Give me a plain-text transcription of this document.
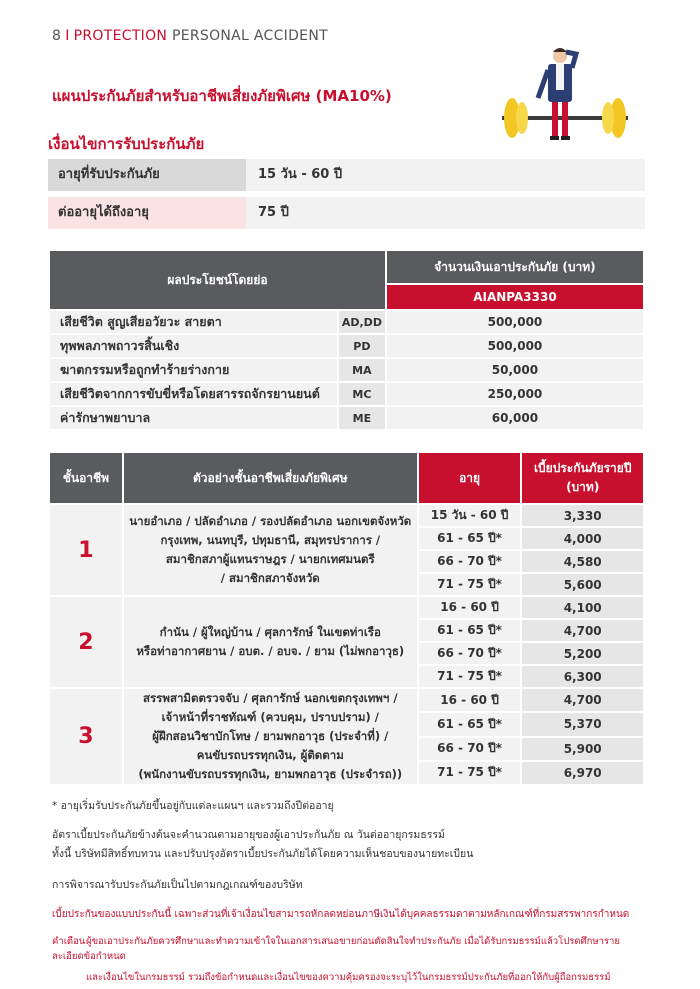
8 I PROTECTION PERSONAL ACCIDENT
แผนประกันภัยสำหรับอาชีพเสี่ยงภัยพิเศษ (MA10%)
เงื่อนไขการรับประกันภัย
อายุที่รับประกันภัย	15 วัน - 60 ปี
ต่ออายุได้ถึงอายุ	75 ปี
ผลประโยชน์โดยย่อ		จำนวนเงินเอาประกันภัย (บาท)
		AIANPA3330
เสียชีวิต สูญเสียอวัยวะ สายตา	AD,DD	500,000
ทุพพลภาพถาวรสิ้นเชิง	PD	500,000
ฆาตกรรมหรือถูกทำร้ายร่างกาย	MA	50,000
เสียชีวิตจากการขับขี่หรือโดยสารรถจักรยานยนต์	MC	250,000
ค่ารักษาพยาบาล	ME	60,000
ชั้นอาชีพ	ตัวอย่างชั้นอาชีพเสี่ยงภัยพิเศษ	อายุ	เบี้ยประกันภัยรายปี
(บาท)
1	นายอำเภอ / ปลัดอำเภอ / รองปลัดอำเภอ นอกเขตจังหวัด
กรุงเทพ, นนทบุรี, ปทุมธานี, สมุทรปราการ /
สมาชิกสภาผู้แทนราษฎร / นายกเทศมนตรี
/ สมาชิกสภาจังหวัด	15 วัน - 60 ปี	3,330
		61 - 65 ปี*	4,000
		66 - 70 ปี*	4,580
		71 - 75 ปี*	5,600
2	กำนัน / ผู้ใหญ่บ้าน / ศุลการักษ์ ในเขตท่าเรือ
หรือท่าอากาศยาน / อบต. / อบจ. / ยาม (ไม่พกอาวุธ)	16 - 60 ปี	4,100
		61 - 65 ปี*	4,700
		66 - 70 ปี*	5,200
		71 - 75 ปี*	6,300
3	สรรพสามิตตรวจจับ / ศุลการักษ์ นอกเขตกรุงเทพฯ /
เจ้าหน้าที่ราชทัณฑ์ (ควบคุม, ปราบปราม) /
ผู้ฝึกสอนวิชาบักโทษ / ยามพกอาวุธ (ประจำที่) /
คนขับรถบรรทุกเงิน, ผู้ติดตาม
(พนักงานขับรถบรรทุกเงิน, ยามพกอาวุธ (ประจำรถ))	16 - 60 ปี	4,700
		61 - 65 ปี*	5,370
		66 - 70 ปี*	5,900
		71 - 75 ปี*	6,970
* อายุเริ่มรับประกันภัยขึ้นอยู่กับแต่ละแผนฯ และรวมถึงปีต่ออายุ
อัตราเบี้ยประกันภัยข้างต้นจะคำนวณตามอายุของผู้เอาประกันภัย ณ วันต่ออายุกรมธรรม์
ทั้งนี้ บริษัทมีสิทธิ์ทบทวน และปรับปรุงอัตราเบี้ยประกันภัยได้โดยความเห็นชอบของนายทะเบียน
การพิจารณารับประกันภัยเป็นไปตามกฎเกณฑ์ของบริษัท
เบี้ยประกันของแบบประกันนี้ เฉพาะส่วนที่เจ้าเงื่อนไขสามารถหักลดหย่อนภาษีเงินได้บุคคลธรรมดาตามหลักเกณฑ์ที่กรมสรรพากรกำหนด
คำเตือนผู้ขอเอาประกันภัยควรศึกษาและทำความเข้าใจในเอกสารเสนอขายก่อนตัดสินใจทำประกันภัย เมื่อได้รับกรมธรรม์แล้วโปรดศึกษารายละเอียดข้อกำหนด
และเงื่อนไขในกรมธรรม์ รวมถึงข้อกำหนดและเงื่อนไขของความคุ้มครองจะระบุไว้ในกรมธรรม์ประกันภัยที่ออกให้กับผู้ถือกรมธรรม์
